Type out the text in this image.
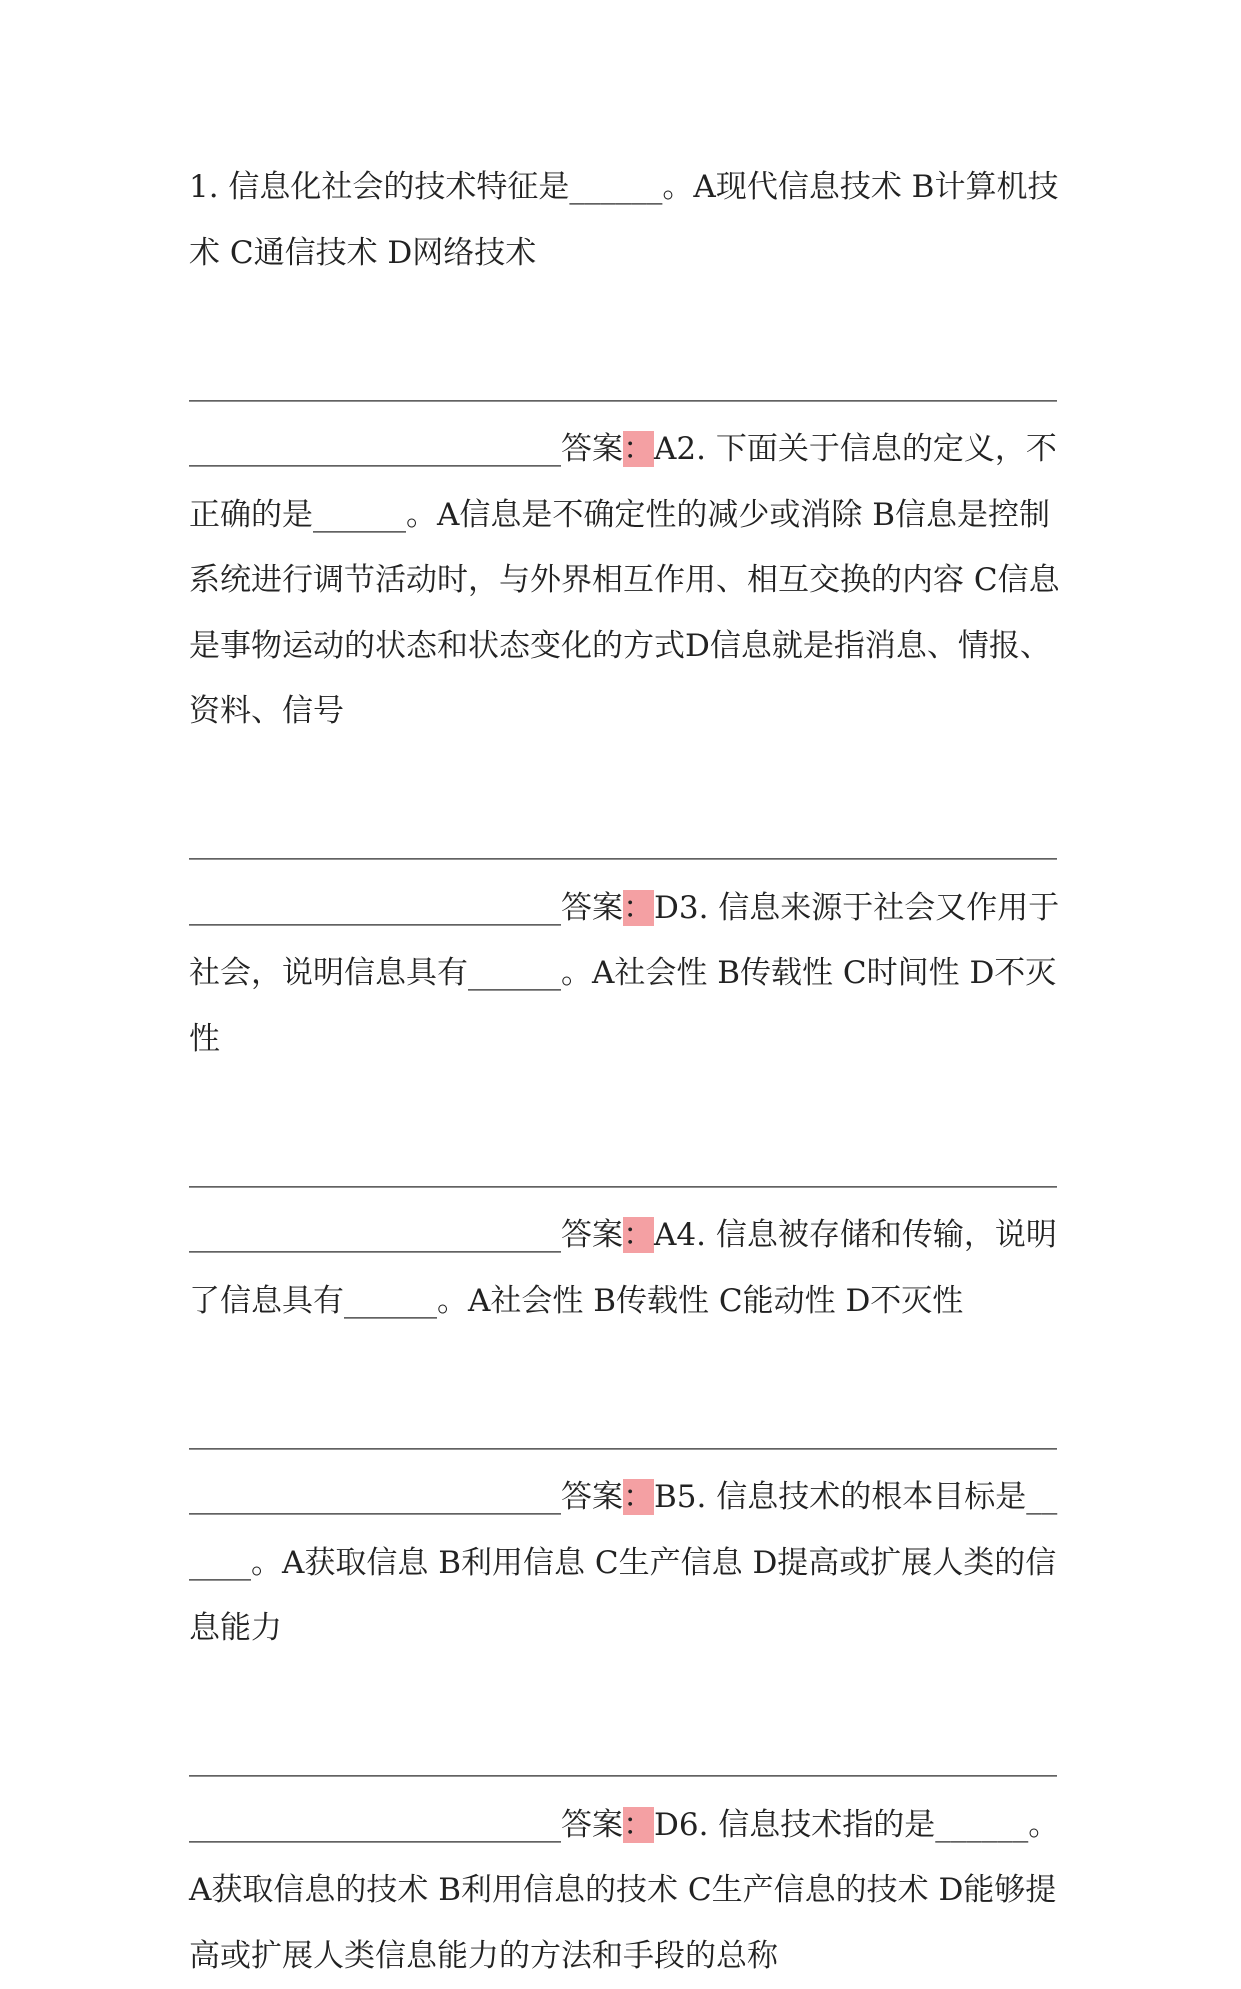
1. 信息化社会的技术特征是______。A现代信息技术 B计算机技术 C通信技术 D网络技术

________________________________________________________________________________答案：A2. 下面关于信息的定义，不正确的是______。A信息是不确定性的减少或消除 B信息是控制系统进行调节活动时，与外界相互作用、相互交换的内容 C信息是事物运动的状态和状态变化的方式D信息就是指消息、情报、资料、信号

________________________________________________________________________________答案：D3. 信息来源于社会又作用于社会，说明信息具有______。A社会性 B传载性 C时间性 D不灭性

________________________________________________________________________________答案：A4. 信息被存储和传输，说明了信息具有______。A社会性 B传载性 C能动性 D不灭性

________________________________________________________________________________答案：B5. 信息技术的根本目标是______。A获取信息 B利用信息 C生产信息 D提高或扩展人类的信息能力

________________________________________________________________________________答案：D6. 信息技术指的是______。A获取信息的技术 B利用信息的技术 C生产信息的技术 D能够提高或扩展人类信息能力的方法和手段的总称
